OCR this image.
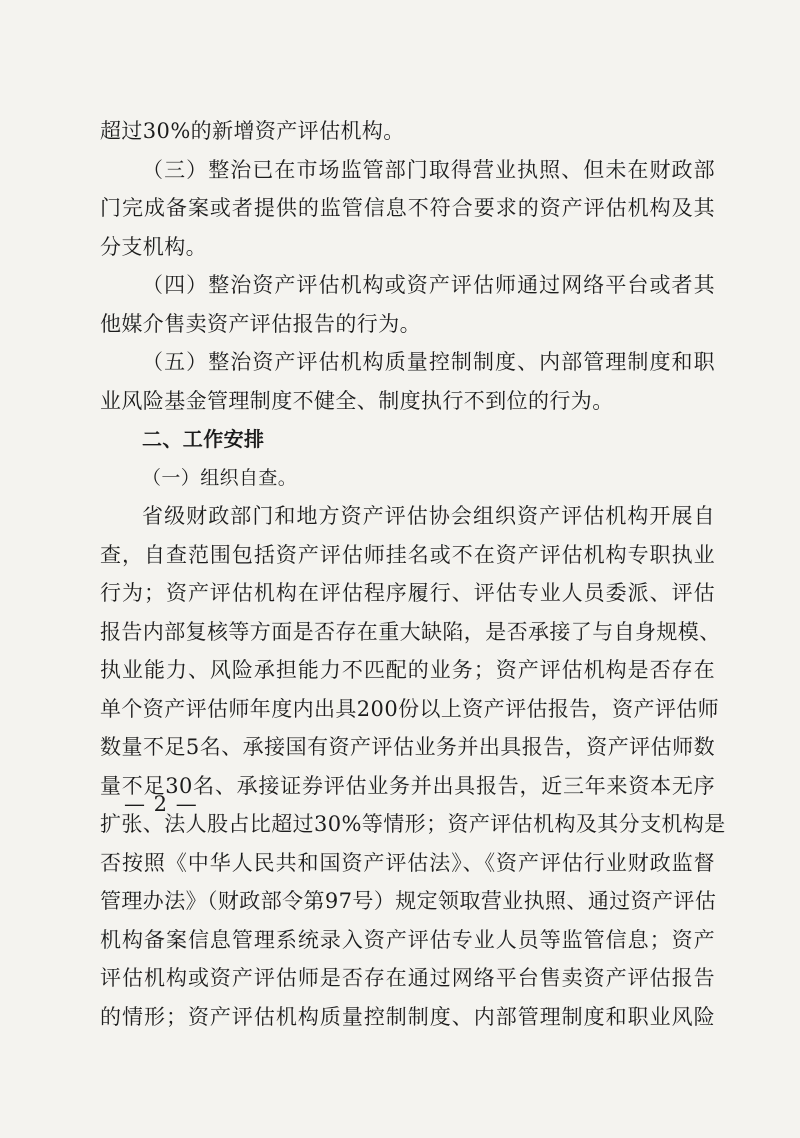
超过30%的新增资产评估机构。
（三）整治已在市场监管部门取得营业执照、但未在财政部
门完成备案或者提供的监管信息不符合要求的资产评估机构及其
分支机构。
（四）整治资产评估机构或资产评估师通过网络平台或者其
他媒介售卖资产评估报告的行为。
（五）整治资产评估机构质量控制制度、内部管理制度和职
业风险基金管理制度不健全、制度执行不到位的行为。
二、工作安排
（一）组织自查。
省级财政部门和地方资产评估协会组织资产评估机构开展自
查，自查范围包括资产评估师挂名或不在资产评估机构专职执业
行为；资产评估机构在评估程序履行、评估专业人员委派、评估
报告内部复核等方面是否存在重大缺陷，是否承接了与自身规模、
执业能力、风险承担能力不匹配的业务；资产评估机构是否存在
单个资产评估师年度内出具200份以上资产评估报告，资产评估师
数量不足5名、承接国有资产评估业务并出具报告，资产评估师数
量不足30名、承接证券评估业务并出具报告，近三年来资本无序
扩张、法人股占比超过30%等情形；资产评估机构及其分支机构是
否按照《中华人民共和国资产评估法》、《资产评估行业财政监督
管理办法》（财政部令第97号）规定领取营业执照、通过资产评估
机构备案信息管理系统录入资产评估专业人员等监管信息；资产
评估机构或资产评估师是否存在通过网络平台售卖资产评估报告
的情形；资产评估机构质量控制制度、内部管理制度和职业风险
— 2 —
